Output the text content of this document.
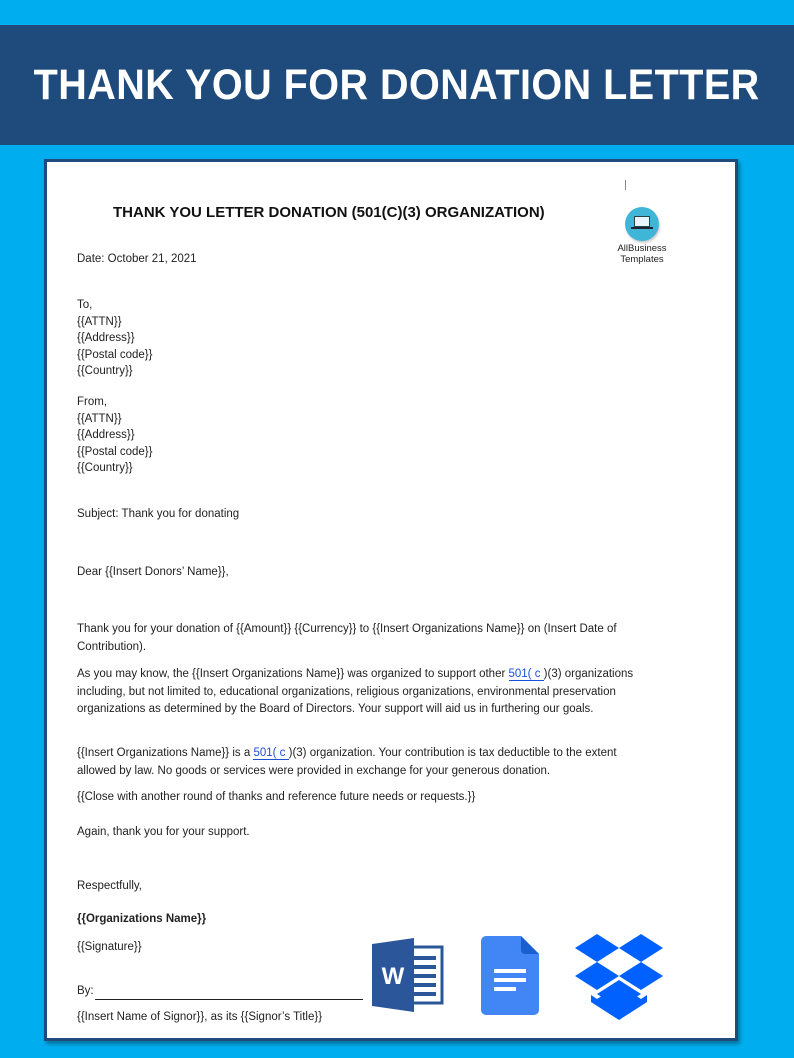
THANK YOU FOR DONATION LETTER
THANK YOU LETTER DONATION (501(C)(3) ORGANIZATION)
AllBusiness
Templates
Date: October 21, 2021
To,
{{ATTN}}
{{Address}}
{{Postal code}}
{{Country}}
From,
{{ATTN}}
{{Address}}
{{Postal code}}
{{Country}}
Subject: Thank you for donating
Dear {{Insert Donors’ Name}},
Thank you for your donation of {{Amount}} {{Currency}} to {{Insert Organizations Name}} on (Insert Date of Contribution).
As you may know, the {{Insert Organizations Name}} was organized to support other 501( c )(3) organizations including, but not limited to, educational organizations, religious organizations, environmental preservation organizations as determined by the Board of Directors. Your support will aid us in furthering our goals.
{{Insert Organizations Name}} is a 501( c )(3) organization. Your contribution is tax deductible to the extent allowed by law. No goods or services were provided in exchange for your generous donation.
{{Close with another round of thanks and reference future needs or requests.}}
Again, thank you for your support.
Respectfully,
{{Organizations Name}}
{{Signature}}
By:
{{Insert Name of Signor}}, as its {{Signor’s Title}}
W
